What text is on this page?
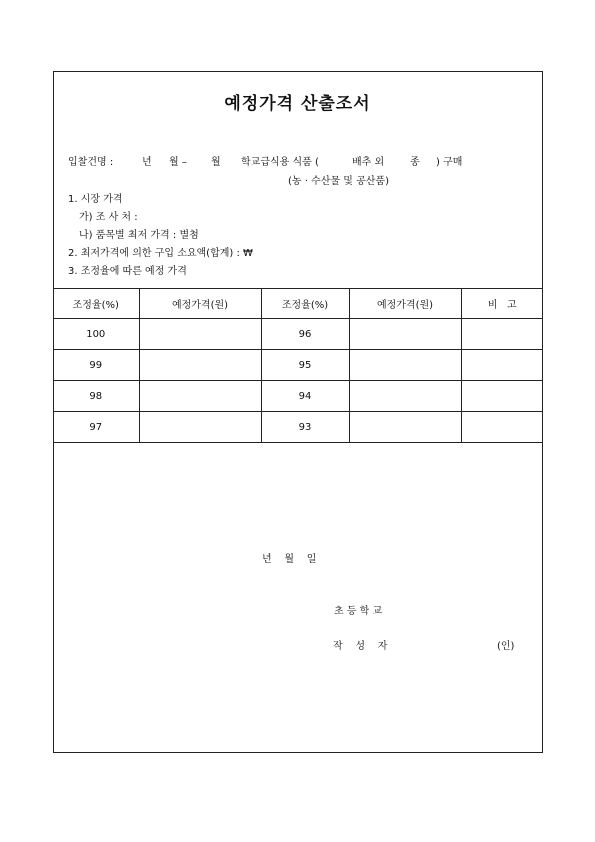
예정가격 산출조서
입찰건명 :	년 월 – 월 학교급식용 식품 (	배추 외	종 ) 구매
(농 · 수산물 및 공산품)
1. 시장 가격
가) 조 사 처 :
나) 품목별 최저 가격 : 별첨
2. 최저가격에 의한 구입 소요액(합계) : ₩
3. 조정율에 따른 예정 가격
조정율(%)	예정가격(원)	조정율(%)	예정가격(원)	비   고
100		96		
99		95		
98		94		
97		93		
년    월    일
초 등 학 교
작    성    자	(인)
